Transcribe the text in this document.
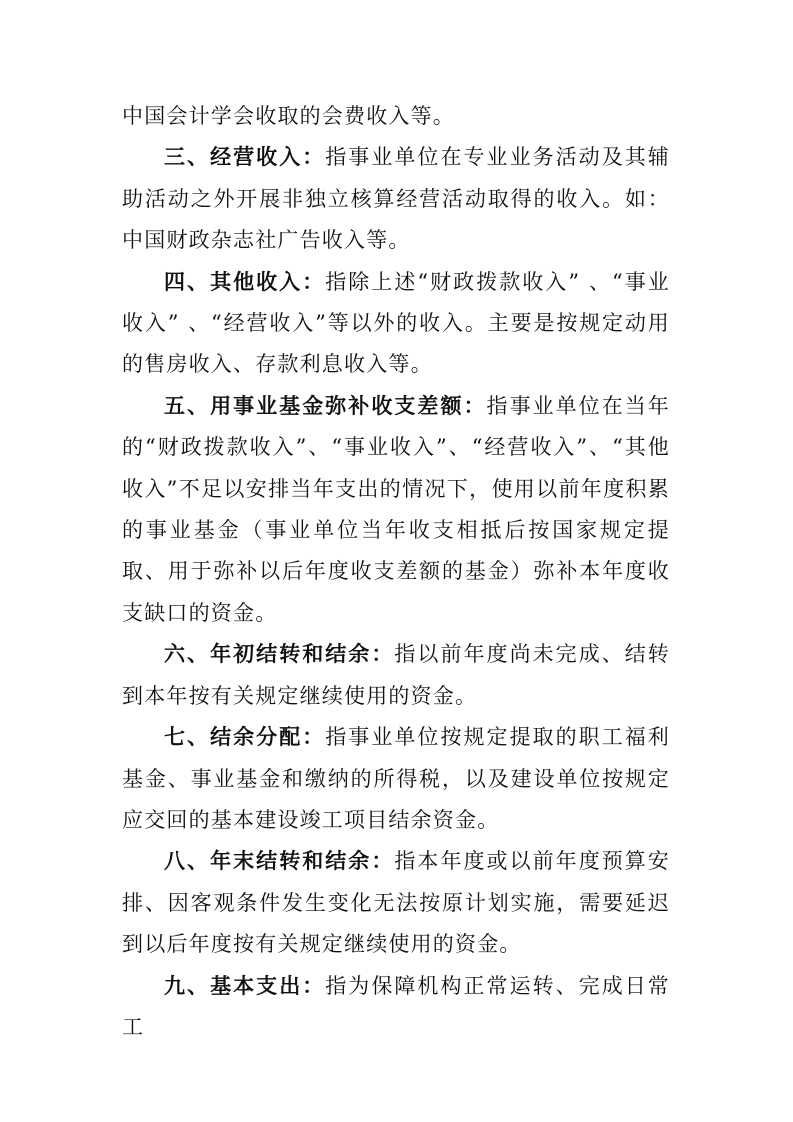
中国会计学会收取的会费收入等。

三、经营收入：指事业单位在专业业务活动及其辅助活动之外开展非独立核算经营活动取得的收入。如：中国财政杂志社广告收入等。

四、其他收入：指除上述“财政拨款收入” 、“事业收入” 、“经营收入”等以外的收入。主要是按规定动用的售房收入、存款利息收入等。

五、用事业基金弥补收支差额：指事业单位在当年的“财政拨款收入”、“事业收入”、“经营收入”、“其他收入”不足以安排当年支出的情况下，使用以前年度积累的事业基金（事业单位当年收支相抵后按国家规定提取、用于弥补以后年度收支差额的基金）弥补本年度收支缺口的资金。

六、年初结转和结余：指以前年度尚未完成、结转到本年按有关规定继续使用的资金。

七、结余分配：指事业单位按规定提取的职工福利基金、事业基金和缴纳的所得税，以及建设单位按规定应交回的基本建设竣工项目结余资金。

八、年末结转和结余：指本年度或以前年度预算安排、因客观条件发生变化无法按原计划实施，需要延迟到以后年度按有关规定继续使用的资金。

九、基本支出：指为保障机构正常运转、完成日常工
